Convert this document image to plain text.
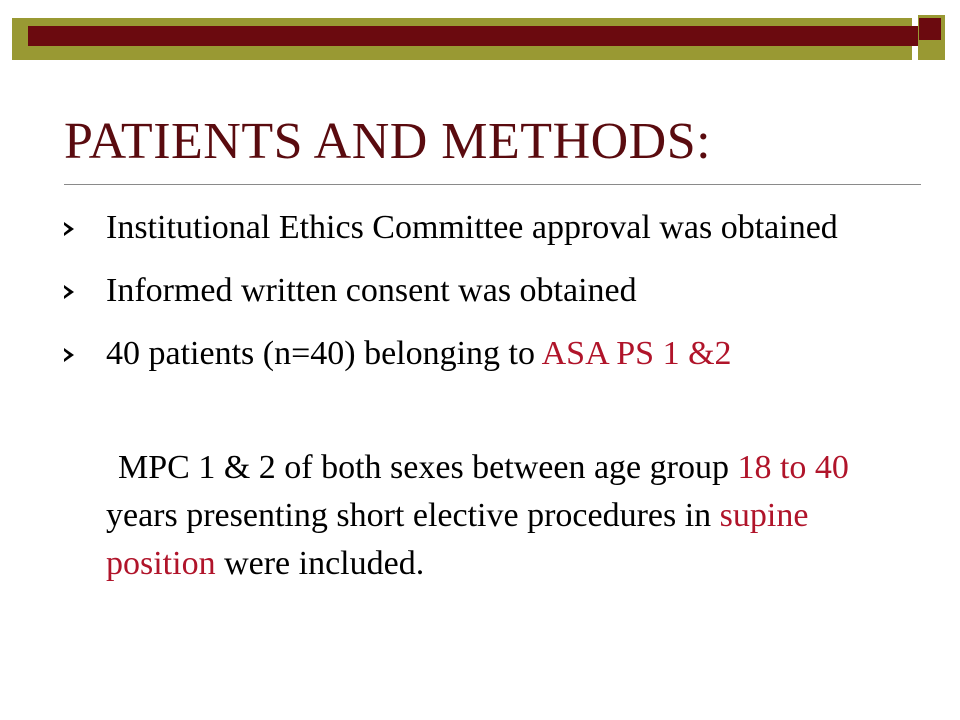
PATIENTS AND METHODS:
Institutional Ethics Committee approval was obtained
Informed written consent was obtained
40 patients (n=40) belonging to ASA PS 1 &2

MPC 1 & 2 of both sexes between age group 18 to 40 years presenting short elective procedures in supine position were included.
